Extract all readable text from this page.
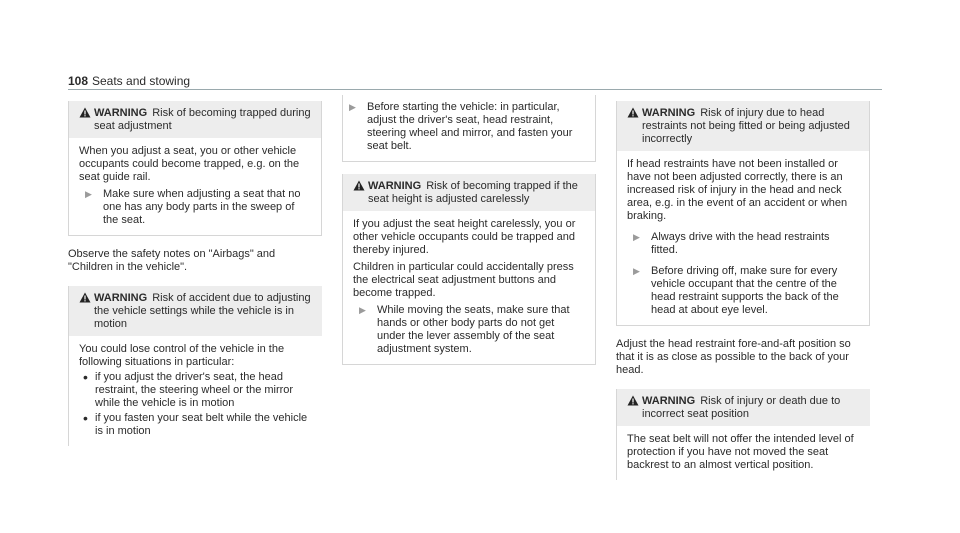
108 Seats and stowing
WARNING Risk of becoming trapped during seat adjustment

When you adjust a seat, you or other vehicle occupants could become trapped, e.g. on the seat guide rail.

▶	Make sure when adjusting a seat that no one has any body parts in the sweep of the seat.

Observe the safety notes on "Airbags" and "Children in the vehicle".

WARNING Risk of accident due to adjusting the vehicle settings while the vehicle is in motion

You could lose control of the vehicle in the following situations in particular:

• if you adjust the driver's seat, the head restraint, the steering wheel or the mirror while the vehicle is in motion
• if you fasten your seat belt while the vehicle is in motion
▶	Before starting the vehicle: in particular, adjust the driver's seat, head restraint, steering wheel and mirror, and fasten your seat belt.
WARNING Risk of becoming trapped if the seat height is adjusted carelessly

If you adjust the seat height carelessly, you or other vehicle occupants could be trapped and thereby injured.

Children in particular could accidentally press the electrical seat adjustment buttons and become trapped.

▶	While moving the seats, make sure that hands or other body parts do not get under the lever assembly of the seat adjustment system.
WARNING Risk of injury due to head restraints not being fitted or being adjusted incorrectly

If head restraints have not been installed or have not been adjusted correctly, there is an increased risk of injury in the head and neck area, e.g. in the event of an accident or when braking.

▶	Always drive with the head restraints fitted.
▶	Before driving off, make sure for every vehicle occupant that the centre of the head restraint supports the back of the head at about eye level.

Adjust the head restraint fore-and-aft position so that it is as close as possible to the back of your head.

WARNING Risk of injury or death due to incorrect seat position

The seat belt will not offer the intended level of protection if you have not moved the seat backrest to an almost vertical position.
